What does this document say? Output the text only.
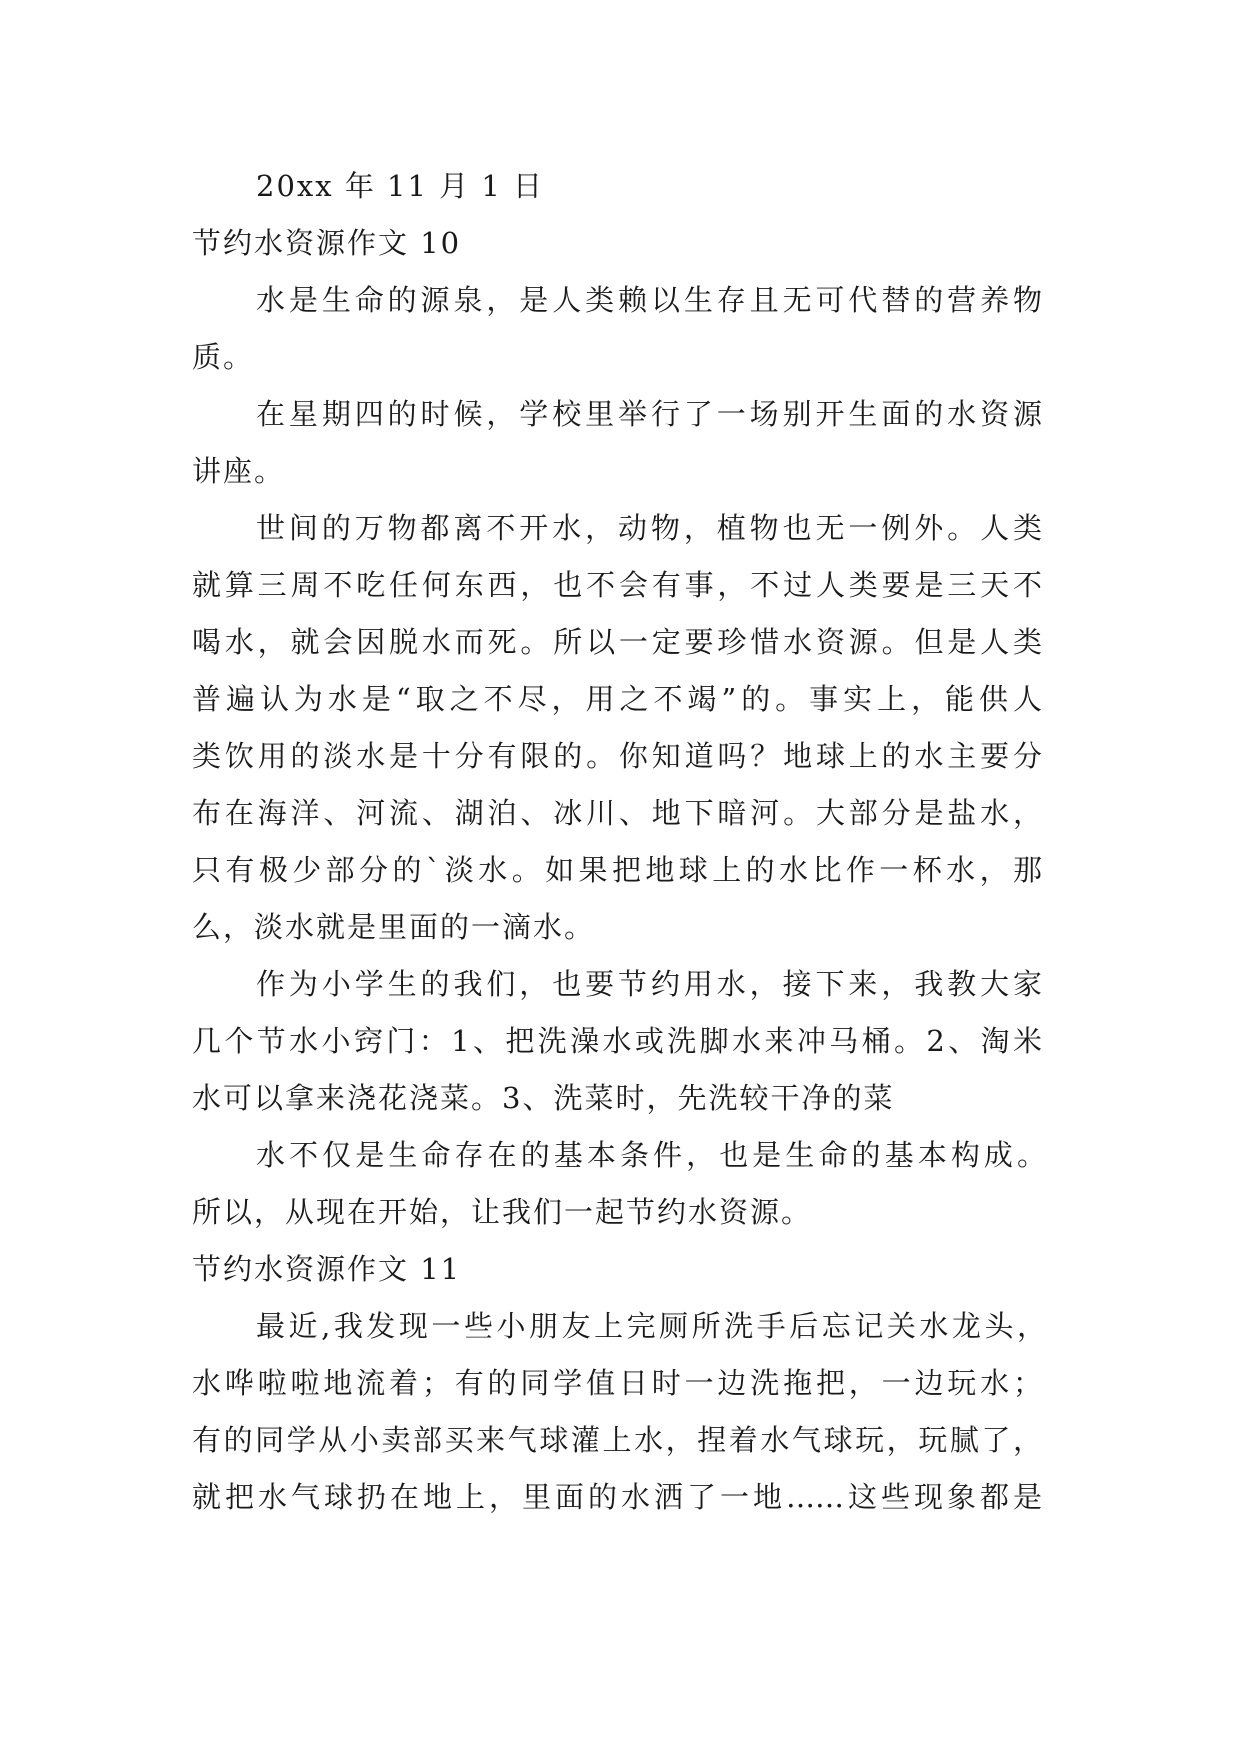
20xx 年 11 月 1 日
节约水资源作文 10
水是生命的源泉，是人类赖以生存且无可代替的营养物
质。
在星期四的时候，学校里举行了一场别开生面的水资源
讲座。
世间的万物都离不开水，动物，植物也无一例外。人类
就算三周不吃任何东西，也不会有事，不过人类要是三天不
喝水，就会因脱水而死。所以一定要珍惜水资源。但是人类
普遍认为水是“取之不尽，用之不竭”的。事实上，能供人
类饮用的淡水是十分有限的。你知道吗？地球上的水主要分
布在海洋、河流、湖泊、冰川、地下暗河。大部分是盐水，
只有极少部分的`淡水。如果把地球上的水比作一杯水，那
么，淡水就是里面的一滴水。
作为小学生的我们，也要节约用水，接下来，我教大家
几个节水小窍门：1、把洗澡水或洗脚水来冲马桶。2、淘米
水可以拿来浇花浇菜。3、洗菜时，先洗较干净的菜
水不仅是生命存在的基本条件，也是生命的基本构成。
所以，从现在开始，让我们一起节约水资源。
节约水资源作文 11
最近,我发现一些小朋友上完厕所洗手后忘记关水龙头，
水哗啦啦地流着；有的同学值日时一边洗拖把，一边玩水；
有的同学从小卖部买来气球灌上水，捏着水气球玩，玩腻了，
就把水气球扔在地上，里面的水洒了一地……这些现象都是
